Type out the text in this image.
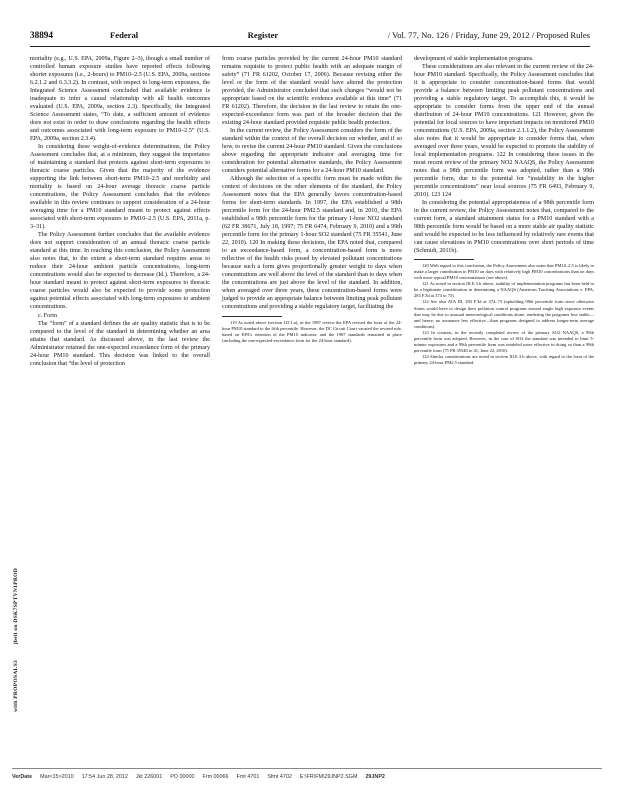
38894	Federal	Register	/ Vol. 77, No. 126 / Friday, June 29, 2012 / Proposed Rules

mortality (e.g., U.S. EPA, 2009a, Figure 2–3), though a small number of controlled human exposure studies have reported effects following shorter exposures (i.e., 2-hours) to PM10–2.5 (U.S. EPA, 2009a, sections 6.2.1.2 and 6.3.3.2). In contrast, with respect to long-term exposures, the Integrated Science Assessment concluded that available evidence is inadequate to infer a causal relationship with all health outcomes evaluated (U.S. EPA, 2009a, section 2.3). Specifically, the Integrated Science Assessment states, “To date, a sufficient amount of evidence does not exist in order to draw conclusions regarding the health effects and outcomes associated with long-term exposure to PM10–2.5” (U.S. EPA, 2009a, section 2.3.4).

In considering these weight-of-evidence determinations, the Policy Assessment concludes that, at a minimum, they suggest the importance of maintaining a standard that protects against short-term exposures to thoracic coarse particles. Given that the majority of the evidence supporting the link between short-term PM10–2.5 and morbidity and mortality is based on 24-hour average thoracic coarse particle concentrations, the Policy Assessment concludes that the evidence available in this review continues to support consideration of a 24-hour averaging time for a PM10 standard meant to protect against effects associated with short-term exposures to PM10–2.5 (U.S. EPA, 2011a, p. 3–31).

The Policy Assessment further concludes that the available evidence does not support consideration of an annual thoracic coarse particle standard at this time. In reaching this conclusion, the Policy Assessment also notes that, to the extent a short-term standard requires areas to reduce their 24-hour ambient particle concentrations, long-term concentrations would also be expected to decrease (Id.). Therefore, a 24-hour standard meant to protect against short-term exposures to thoracic coarse particles would also be expected to provide some protection against potential effects associated with long-term exposures to ambient concentrations.

c. Form

The “form” of a standard defines the air quality statistic that is to be compared to the level of the standard in determining whether an area attains that standard. As discussed above, in the last review the Administrator retained the one-expected exceedance form of the primary 24-hour PM10 standard. This decision was linked to the overall conclusion that “the level of protection

from coarse particles provided by the current 24-hour PM10 standard remains requisite to protect public health with an adequate margin of safety” (71 FR 61202, October 17, 2006). Because revising either the level or the form of the standard would have altered the protection provided, the Administrator concluded that such changes “would not be appropriate based on the scientific evidence available at this time” (71 FR 61202). Therefore, the decision in the last review to retain the one-expected-exceedance form was part of the broader decision that the existing 24-hour standard provided requisite public health protection.

In the current review, the Policy Assessment considers the form of the standard within the context of the overall decision on whether, and if so how, to revise the current 24-hour PM10 standard. Given the conclusions above regarding the appropriate indicator and averaging time for consideration for potential alternative standards, the Policy Assessment considers potential alternative forms for a 24-hour PM10 standard.

Although the selection of a specific form must be made within the context of decisions on the other elements of the standard, the Policy Assessment notes that the EPA generally favors concentration-based forms for short-term standards. In 1997, the EPA established a 98th percentile form for the 24-hour PM2.5 standard and, in 2010, the EPA established a 98th percentile form for the primary 1-hour NO2 standard (62 FR 38671, July 18, 1997; 75 FR 6474, February 9, 2010) and a 99th percentile form for the primary 1-hour SO2 standard (75 FR 35541, June 22, 2010). 120 In making these decisions, the EPA noted that, compared to an exceedance-based form, a concentration-based form is more reflective of the health risks posed by elevated pollutant concentrations because such a form gives proportionally greater weight to days when concentrations are well above the level of the standard than to days when the concentrations are just above the level of the standard. In addition, when averaged over three years, these concentration-based forms were judged to provide an appropriate balance between limiting peak pollutant concentrations and providing a stable regulatory target, facilitating the

119 As noted above (section I.D.1.a), in the 1987 review the EPA revised the form of the 24-hour PM10 standard to the fifth percentile. However, the DC Circuit Court vacated the revised rule, based on EPA’s retention of the PM10 indicator, and the 1987 standards remained in place (including the one-expected-exceedance form for the 24-hour standard).

development of stable implementation programs.

These considerations are also relevant in the current review of the 24-hour PM10 standard. Specifically, the Policy Assessment concludes that it is appropriate to consider concentration-based forms that would provide a balance between limiting peak pollutant concentrations and providing a stable regulatory target. To accomplish this, it would be appropriate to consider forms from the upper end of the annual distribution of 24-hour PM10 concentrations. 121 However, given the potential for local sources to have important impacts on monitored PM10 concentrations (U.S. EPA, 2009a, section 2.1.1.2), the Policy Assessment also notes that it would be appropriate to consider forms that, when averaged over three years, would be expected to promote the stability of local implementation programs. 122 In considering these issues in the most recent review of the primary NO2 NAAQS, the Policy Assessment notes that a 98th percentile form was adopted, rather than a 99th percentile form, due to the potential for “instability in the higher percentile concentrations” near local sources (75 FR 6493, February 9, 2010). 123 124

In considering the potential appropriateness of a 98th percentile form in the current review, the Policy Assessment notes that, compared to the current form, a standard attainment status for a PM10 standard with a 98th percentile form would be based on a more stable air quality statistic and would be expected to be less influenced by relatively rare events that can cause elevations in PM10 concentrations over short periods of time (Schmidt, 2011b).

120 With regard to this conclusion, the Policy Assessment also notes that PM10–2.5 is likely to make a larger contribution to PM10 on days with relatively high PM10 concentrations than on days with more typical PM10 concentrations (see above).

121 As noted in section III.E.3.b above, stability of implementation programs has been held to be a legitimate consideration in determining a NAAQS (American Trucking Associations v. EPA, 283 F.3d at 374 to 75).

122 See also ATA III, 283 F.3d at 374–75 (upholding 98th percentile form since otherwise States would have to design their pollution control programs around single high exposure events that may be due to unusual meteorological conditions alone, rendering the programs less stable—and hence, no assurance less effective—than programs designed to address longer-term average conditions).

123 In contrast, in the recently completed review of the primary SO2 NAAQS, a 99th percentile form was adopted. However, in the case of SO2 the standard was intended to limit 5-minute exposures and a 99th percentile form was modeled more effective in doing so than a 98th percentile form (75 FR 35540 to 41, June 22, 2010).

124 Similar considerations are noted in section III.E.3.b above, with regard to the form of the primary 24-hour PM2.5 standard.

jbell on DSK7SPTVN1PROD
with PROPOSALS3
VerDate Mar<15>2010 17:54 Jun 28, 2012 Jkt 226001 PO 00000 Frm 00066 Fmt 4701 Sfmt 4702 E:\FR\FM\29JNP2.SGM 29JNP2
